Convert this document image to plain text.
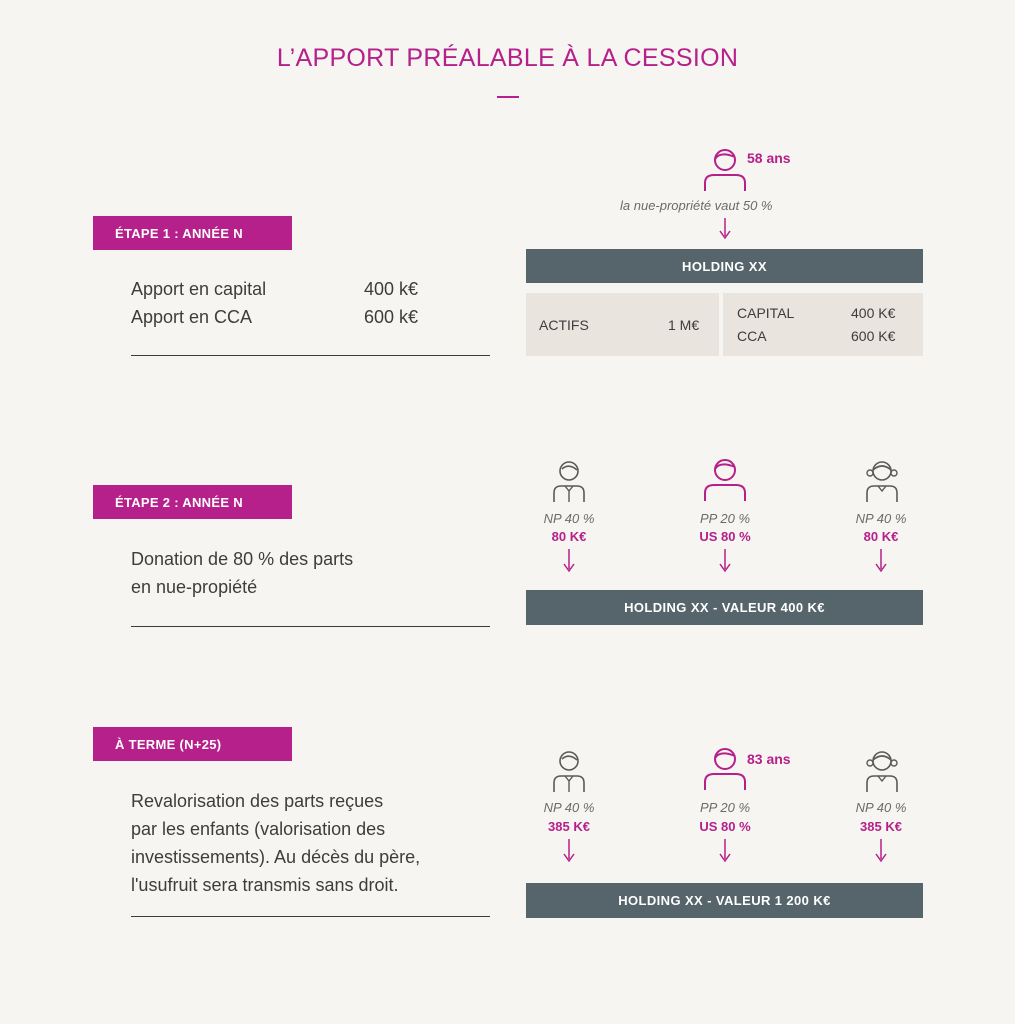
L’APPORT PRÉALABLE À LA CESSION
ÉTAPE 1 : ANNÉE N
Apport en capital	400 k€
Apport en CCA	600 k€
58 ans
la nue-propriété vaut 50 %
HOLDING XX
ACTIFS	1 M€
CAPITAL	400 K€
CCA	600 K€
ÉTAPE 2 : ANNÉE N
Donation de 80 % des parts
en nue-propiété
NP 40 %
80 K€
PP 20 %
US 80 %
NP 40 %
80 K€
HOLDING XX - VALEUR 400 K€
À TERME (N+25)
Revalorisation des parts reçues
par les enfants (valorisation des
investissements). Au décès du père,
l'usufruit sera transmis sans droit.
83 ans
NP 40 %
385 K€
PP 20 %
US 80 %
NP 40 %
385 K€
HOLDING XX - VALEUR 1 200 K€
